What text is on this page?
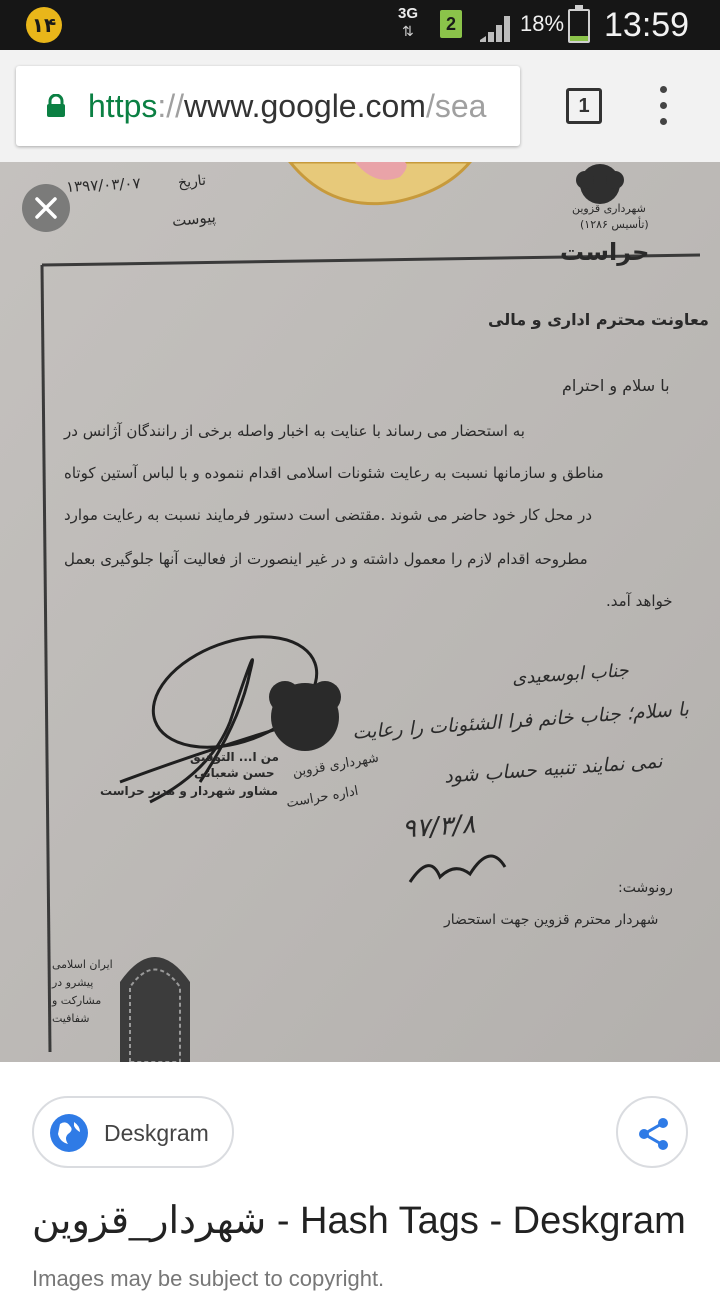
۱۴	3G
⇅	2	18% 13:59
https://www.google.com/sea	1
۱۳۹۷/۰۳/۰۷	تاریخ
پیوست	شهرداری قزوین
(تأسیس ۱۲۸۶)
حراست
معاونت محترم اداری و مالی
با سلام و احترام
به استحضار می رساند با عنایت به اخبار واصله برخی از رانندگان آژانس در
مناطق و سازمانها نسبت به رعایت شئونات اسلامی اقدام ننموده و با لباس آستین کوتاه
در محل کار خود حاضر می شوند .مقتضی است دستور فرمایند نسبت به رعایت موارد
مطروحه اقدام لازم را معمول داشته و در غیر اینصورت از فعالیت آنها جلوگیری بعمل
خواهد آمد.
جناب ابوسعیدی
با سلام؛ جناب خانم فرا الشئونات را رعایت
نمی نمایند تنبیه حساب شود
۹۷/۳/۸
من ا... التوفیق
حسن شعبانی
مشاور شهردار و مدیر حراست
شهرداری قزوین
اداره حراست
رونوشت:
شهردار محترم قزوین جهت استحضار
ایران اسلامی
پیشرو در
مشارکت و
شفافیت
Deskgram
شهردار_قزوین - Hash Tags - Deskgram
Images may be subject to copyright.
